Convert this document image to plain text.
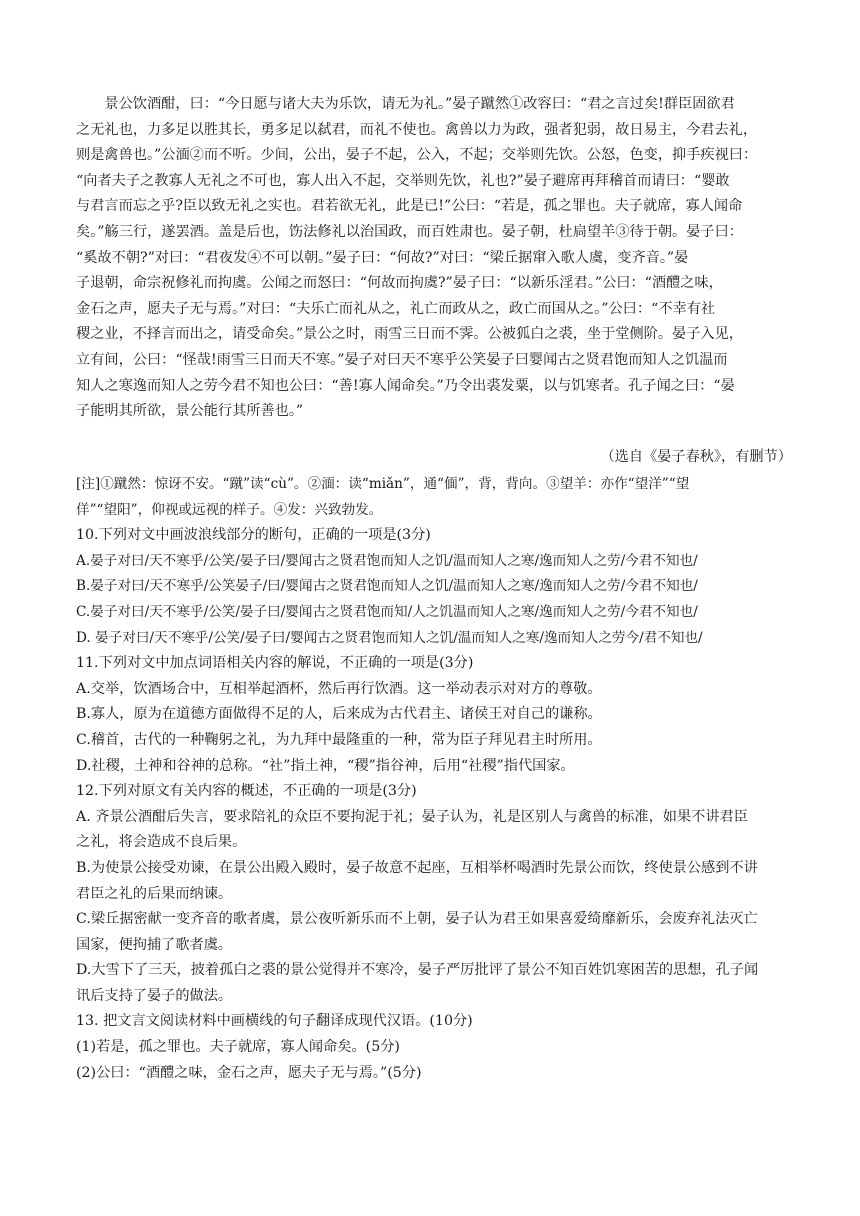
　　景公饮酒酣，曰：“今日愿与诸大夫为乐饮，请无为礼。”晏子蹴然①改容曰：“君之言过矣!群臣固欲君
之无礼也，力多足以胜其长，勇多足以弑君，而礼不使也。禽兽以力为政，强者犯弱，故日易主，今君去礼，
则是禽兽也。”公湎②而不听。少间，公出，晏子不起，公入，不起；交举则先饮。公怒，色变，抑手疾视曰：
“向者夫子之教寡人无礼之不可也，寡人出入不起，交举则先饮，礼也?”晏子避席再拜稽首而请曰：“婴敢
与君言而忘之乎?臣以致无礼之实也。君若欲无礼，此是已!”公曰：“若是，孤之罪也。夫子就席，寡人闻命
矣。”觞三行，遂罢酒。盖是后也，饬法修礼以治国政，而百姓肃也。晏子朝，杜扃望羊③待于朝。晏子曰：
“奚故不朝?”对曰：“君夜发④不可以朝。”晏子曰：“何故?”对曰：“梁丘据窜入歌人虞，变齐音。”晏
子退朝，命宗祝修礼而拘虞。公闻之而怒曰：“何故而拘虞?”晏子曰：“以新乐淫君。”公曰：“酒醴之味，
金石之声，愿夫子无与焉。”对曰：“夫乐亡而礼从之，礼亡而政从之，政亡而国从之。”公曰：“不幸有社
稷之业，不择言而出之，请受命矣。”景公之时，雨雪三日而不霁。公被狐白之裘，坐于堂侧阶。晏子入见，
立有间，公曰：“怪哉!雨雪三日而天不寒。”晏子对曰天不寒乎公笑晏子曰婴闻古之贤君饱而知人之饥温而
知人之寒逸而知人之劳今君不知也公曰：“善!寡人闻命矣。”乃令出裘发粟，以与饥寒者。孔子闻之曰：“晏
子能明其所欲，景公能行其所善也。”
（选自《晏子春秋》，有删节）
[注]①蹴然：惊讶不安。“蹴”读“cù”。②湎：读“miǎn”，通“偭”，背，背向。③望羊：亦作“望洋”“望
佯”“望阳”，仰视或远视的样子。④发：兴致勃发。
10.下列对文中画波浪线部分的断句，正确的一项是(3分)
A.晏子对曰/天不寒乎/公笑/晏子曰/婴闻古之贤君饱而知人之饥/温而知人之寒/逸而知人之劳/今君不知也/
B.晏子对曰/天不寒乎/公笑晏子/曰/婴闻古之贤君饱而知人之饥/温而知人之寒/逸而知人之劳/今君不知也/
C.晏子对曰/天不寒乎/公笑/晏子曰/婴闻古之贤君饱而知/人之饥温而知人之寒/逸而知人之劳/今君不知也/
D. 晏子对曰/天不寒乎/公笑/晏子曰/婴闻古之贤君饱而知人之饥/温而知人之寒/逸而知人之劳今/君不知也/
11.下列对文中加点词语相关内容的解说，不正确的一项是(3分)
A.交举，饮酒场合中，互相举起酒杯，然后再行饮酒。这一举动表示对对方的尊敬。
B.寡人，原为在道德方面做得不足的人，后来成为古代君主、诸侯王对自己的谦称。
C.稽首，古代的一种鞠躬之礼，为九拜中最隆重的一种，常为臣子拜见君主时所用。
D.社稷，土神和谷神的总称。“社”指土神，“稷”指谷神，后用“社稷”指代国家。
12.下列对原文有关内容的概述，不正确的一项是(3分)
A. 齐景公酒酣后失言，要求陪礼的众臣不要拘泥于礼；晏子认为，礼是区别人与禽兽的标准，如果不讲君臣
之礼，将会造成不良后果。
B.为使景公接受劝谏，在景公出殿入殿时，晏子故意不起座，互相举杯喝酒时先景公而饮，终使景公感到不讲
君臣之礼的后果而纳谏。
C.梁丘据密献一变齐音的歌者虞，景公夜听新乐而不上朝，晏子认为君王如果喜爱绮靡新乐，会废弃礼法灭亡
国家，便拘捕了歌者虞。
D.大雪下了三天，披着孤白之裘的景公觉得并不寒冷，晏子严厉批评了景公不知百姓饥寒困苦的思想，孔子闻
讯后支持了晏子的做法。
13. 把文言文阅读材料中画横线的句子翻译成现代汉语。(10分)
(1)若是，孤之罪也。夫子就席，寡人闻命矣。(5分)
(2)公曰：“酒醴之味，金石之声，愿夫子无与焉。”(5分)
